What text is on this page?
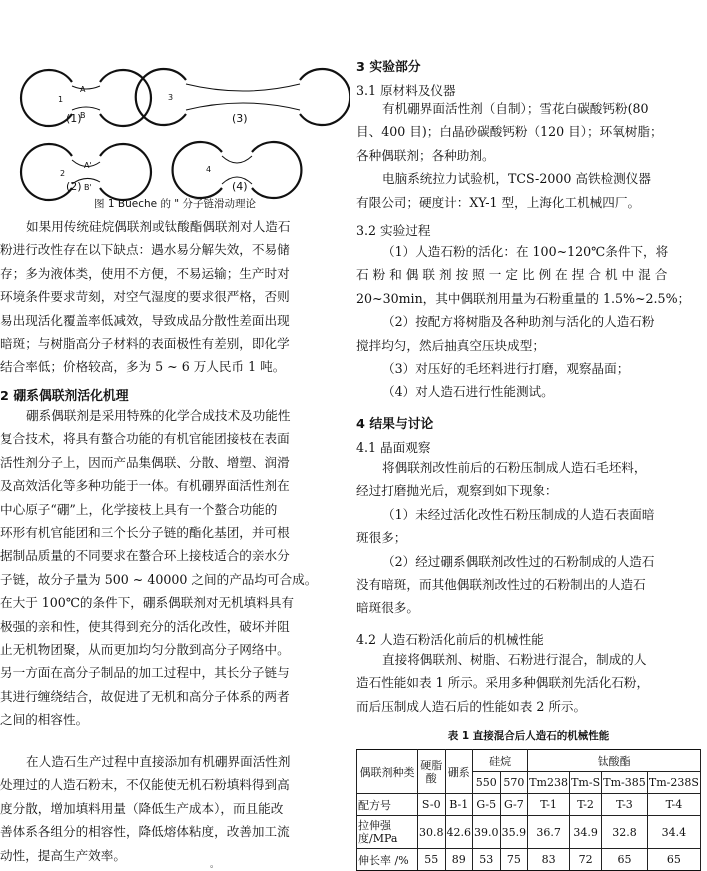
1
2
3
4
A
B
A'
B'
(1)	(3)
(2)	(4)
图 1 Bueche 的 " 分子链滑动理论
如果用传统硅烷偶联剂或钛酸酯偶联剂对人造石
粉进行改性存在以下缺点：遇水易分解失效，不易储
存；多为液体类，使用不方便，不易运输；生产时对
环境条件要求苛刻，对空气湿度的要求很严格，否则
易出现活化覆盖率低减效，导致成品分散性差面出现
暗斑；与树脂高分子材料的表面极性有差别，即化学
结合率低；价格较高，多为 5 ~ 6 万人民币 1 吨。
2 硼系偶联剂活化机理
硼系偶联剂是采用特殊的化学合成技术及功能性
复合技术，将具有螯合功能的有机官能团接枝在表面
活性剂分子上，因而产品集偶联、分散、增塑、润滑
及高效活化等多种功能于一体。有机硼界面活性剂在
中心原子“硼”上，化学接枝上具有一个螯合功能的
环形有机官能团和三个长分子链的酯化基团，并可根
据制品质量的不同要求在螯合环上接枝适合的亲水分
子链，故分子量为 500 ~ 40000 之间的产品均可合成。
在大于 100℃的条件下，硼系偶联剂对无机填料具有
极强的亲和性，使其得到充分的活化改性，破坏并阻
止无机物团聚，从而更加均匀分散到高分子网络中。
另一方面在高分子制品的加工过程中，其长分子链与
其进行缠绕结合，故促进了无机和高分子体系的两者
之间的相容性。
在人造石生产过程中直接添加有机硼界面活性剂
处理过的人造石粉末，不仅能使无机石粉填料得到高
度分散，增加填料用量（降低生产成本），而且能改
善体系各组分的相容性，降低熔体粘度，改善加工流
动性，提高生产效率。
。
3 实验部分
3.1 原材料及仪器
有机硼界面活性剂（自制）；雪花白碳酸钙粉(80
目、400 目)；白晶砂碳酸钙粉（120 目）；环氧树脂；
各种偶联剂；各种助剂。
电脑系统拉力试验机，TCS-2000 高铁检测仪器
有限公司；硬度计：XY-1 型，上海化工机械四厂。
3.2 实验过程
（1）人造石粉的活化：在 100~120℃条件下，将
石 粉 和 偶 联 剂 按 照 一 定 比 例 在 捏 合 机 中 混 合
20~30min，其中偶联剂用量为石粉重量的 1.5%~2.5%；
（2）按配方将树脂及各种助剂与活化的人造石粉
搅拌均匀，然后抽真空压块成型；
（3）对压好的毛坯料进行打磨，观察晶面；
（4）对人造石进行性能测试。
4 结果与讨论
4.1 晶面观察
将偶联剂改性前后的石粉压制成人造石毛坯料，
经过打磨抛光后，观察到如下现象：
（1）未经过活化改性石粉压制成的人造石表面暗
斑很多；
（2）经过硼系偶联剂改性过的石粉制成的人造石
没有暗斑，而其他偶联剂改性过的石粉制出的人造石
暗斑很多。
4.2 人造石粉活化前后的机械性能
直接将偶联剂、树脂、石粉进行混合，制成的人
造石性能如表 1 所示。采用多种偶联剂先活化石粉，
而后压制成人造石后的性能如表 2 所示。
表 1 直接混合后人造石的机械性能
偶联剂种类	硬脂酸	硼系	硅烷		钛酸酯			
			550	570	Tm238	Tm-S	Tm-385	Tm-238S
配方号	S-0	B-1	G-5	G-7	T-1	T-2	T-3	T-4
拉伸强度/MPa	30.8	42.6	39.0	35.9	36.7	34.9	32.8	34.4
伸长率 /%	55	89	53	75	83	72	65	65
